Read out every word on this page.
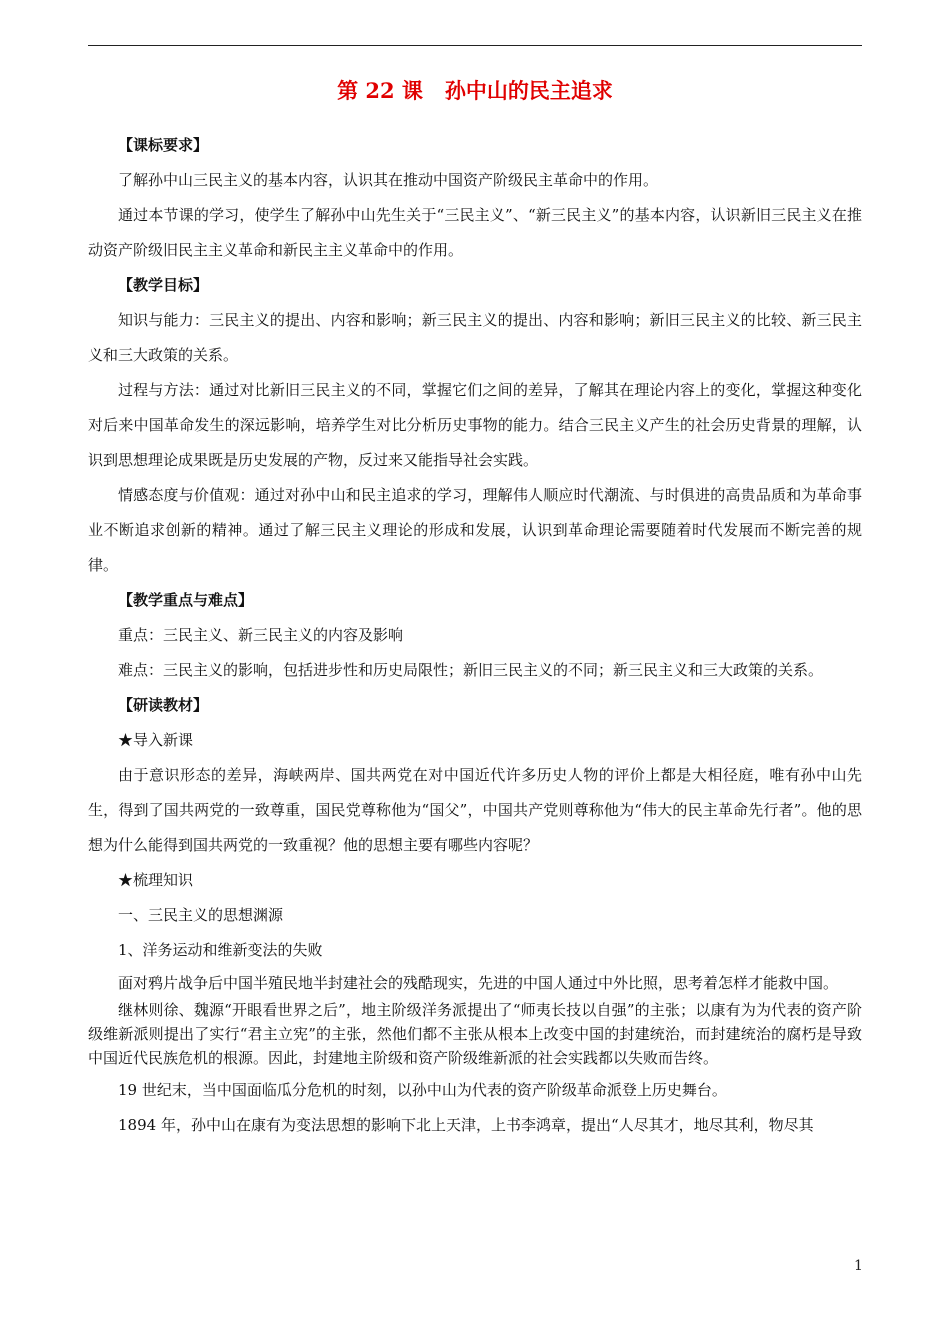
第 22 课 孙中山的民主追求

【课标要求】

了解孙中山三民主义的基本内容，认识其在推动中国资产阶级民主革命中的作用。

通过本节课的学习，使学生了解孙中山先生关于“三民主义”、“新三民主义”的基本内容，认识新旧三民主义在推动资产阶级旧民主主义革命和新民主主义革命中的作用。

【教学目标】

知识与能力：三民主义的提出、内容和影响；新三民主义的提出、内容和影响；新旧三民主义的比较、新三民主义和三大政策的关系。

过程与方法：通过对比新旧三民主义的不同，掌握它们之间的差异，了解其在理论内容上的变化，掌握这种变化对后来中国革命发生的深远影响，培养学生对比分析历史事物的能力。结合三民主义产生的社会历史背景的理解，认识到思想理论成果既是历史发展的产物，反过来又能指导社会实践。

情感态度与价值观：通过对孙中山和民主追求的学习，理解伟人顺应时代潮流、与时俱进的高贵品质和为革命事业不断追求创新的精神。通过了解三民主义理论的形成和发展，认识到革命理论需要随着时代发展而不断完善的规律。

【教学重点与难点】

重点：三民主义、新三民主义的内容及影响

难点：三民主义的影响，包括进步性和历史局限性；新旧三民主义的不同；新三民主义和三大政策的关系。

【研读教材】

★导入新课

由于意识形态的差异，海峡两岸、国共两党在对中国近代许多历史人物的评价上都是大相径庭，唯有孙中山先生，得到了国共两党的一致尊重，国民党尊称他为“国父”，中国共产党则尊称他为“伟大的民主革命先行者”。他的思想为什么能得到国共两党的一致重视？他的思想主要有哪些内容呢？

★梳理知识

一、三民主义的思想渊源

1、洋务运动和维新变法的失败

面对鸦片战争后中国半殖民地半封建社会的残酷现实，先进的中国人通过中外比照，思考着怎样才能救中国。

继林则徐、魏源“开眼看世界之后”，地主阶级洋务派提出了“师夷长技以自强”的主张；以康有为为代表的资产阶级维新派则提出了实行“君主立宪”的主张，然他们都不主张从根本上改变中国的封建统治，而封建统治的腐朽是导致中国近代民族危机的根源。因此，封建地主阶级和资产阶级维新派的社会实践都以失败而告终。

19 世纪末，当中国面临瓜分危机的时刻，以孙中山为代表的资产阶级革命派登上历史舞台。

1894 年，孙中山在康有为变法思想的影响下北上天津，上书李鸿章，提出“人尽其才，地尽其利，物尽其

1
